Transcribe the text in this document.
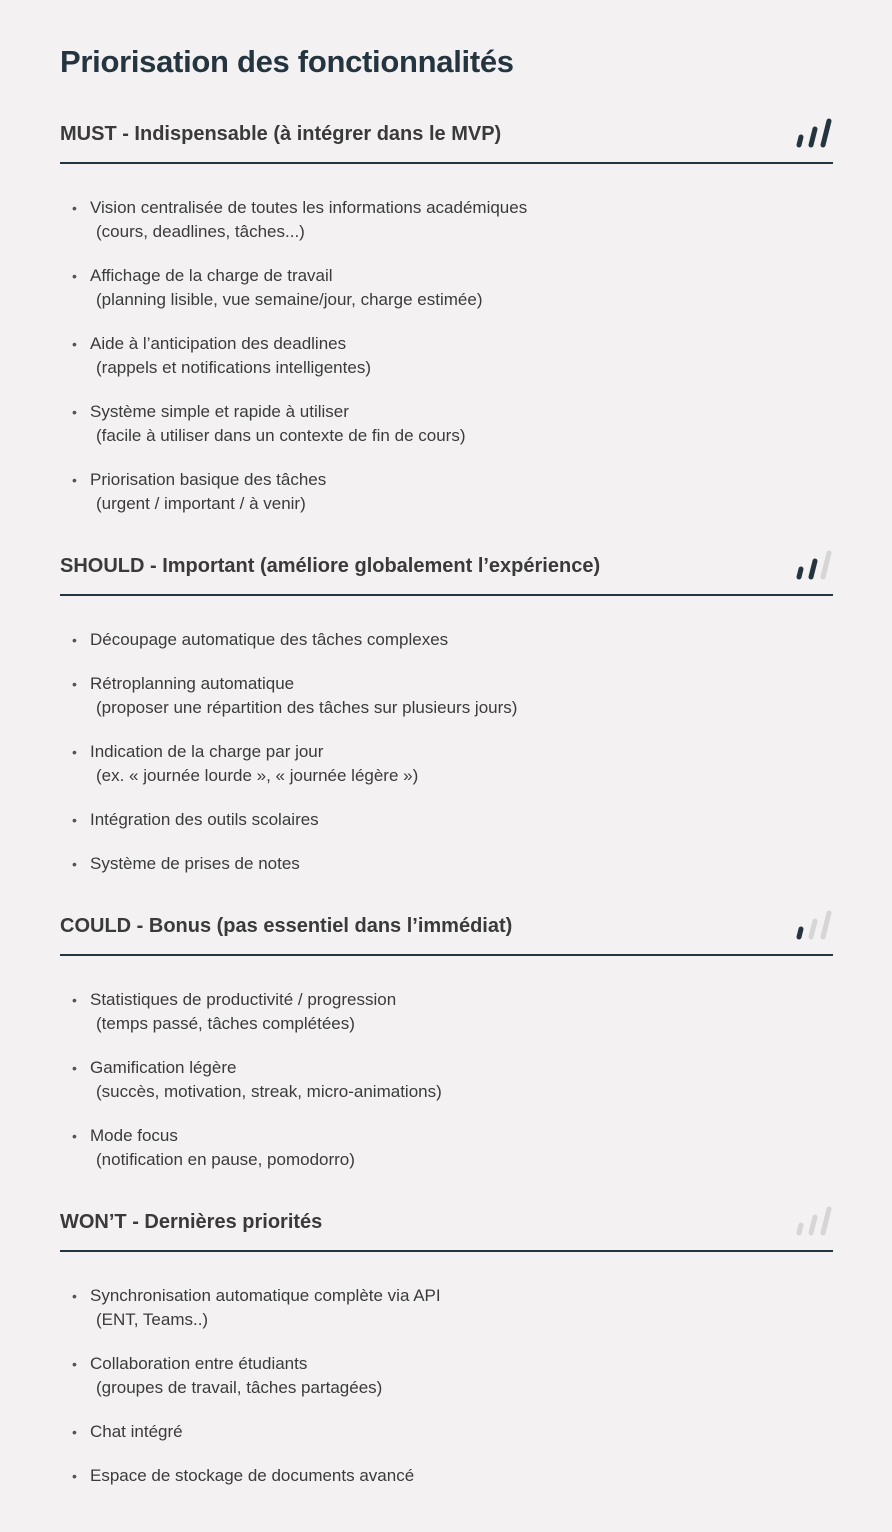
Priorisation des fonctionnalités
MUST - Indispensable (à intégrer dans le MVP)
• Vision centralisée de toutes les informations académiques
(cours, deadlines, tâches...)
• Affichage de la charge de travail
(planning lisible, vue semaine/jour, charge estimée)
• Aide à l’anticipation des deadlines
(rappels et notifications intelligentes)
• Système simple et rapide à utiliser
(facile à utiliser dans un contexte de fin de cours)
• Priorisation basique des tâches
(urgent / important / à venir)
SHOULD - Important (améliore globalement l’expérience)
• Découpage automatique des tâches complexes
• Rétroplanning automatique
(proposer une répartition des tâches sur plusieurs jours)
• Indication de la charge par jour
(ex. « journée lourde », « journée légère »)
• Intégration des outils scolaires
• Système de prises de notes
COULD - Bonus (pas essentiel dans l’immédiat)
• Statistiques de productivité / progression
(temps passé, tâches complétées)
• Gamification légère
(succès, motivation, streak, micro-animations)
• Mode focus
(notification en pause, pomodorro)
WON’T - Dernières priorités
• Synchronisation automatique complète via API
(ENT, Teams..)
• Collaboration entre étudiants
(groupes de travail, tâches partagées)
• Chat intégré
• Espace de stockage de documents avancé
